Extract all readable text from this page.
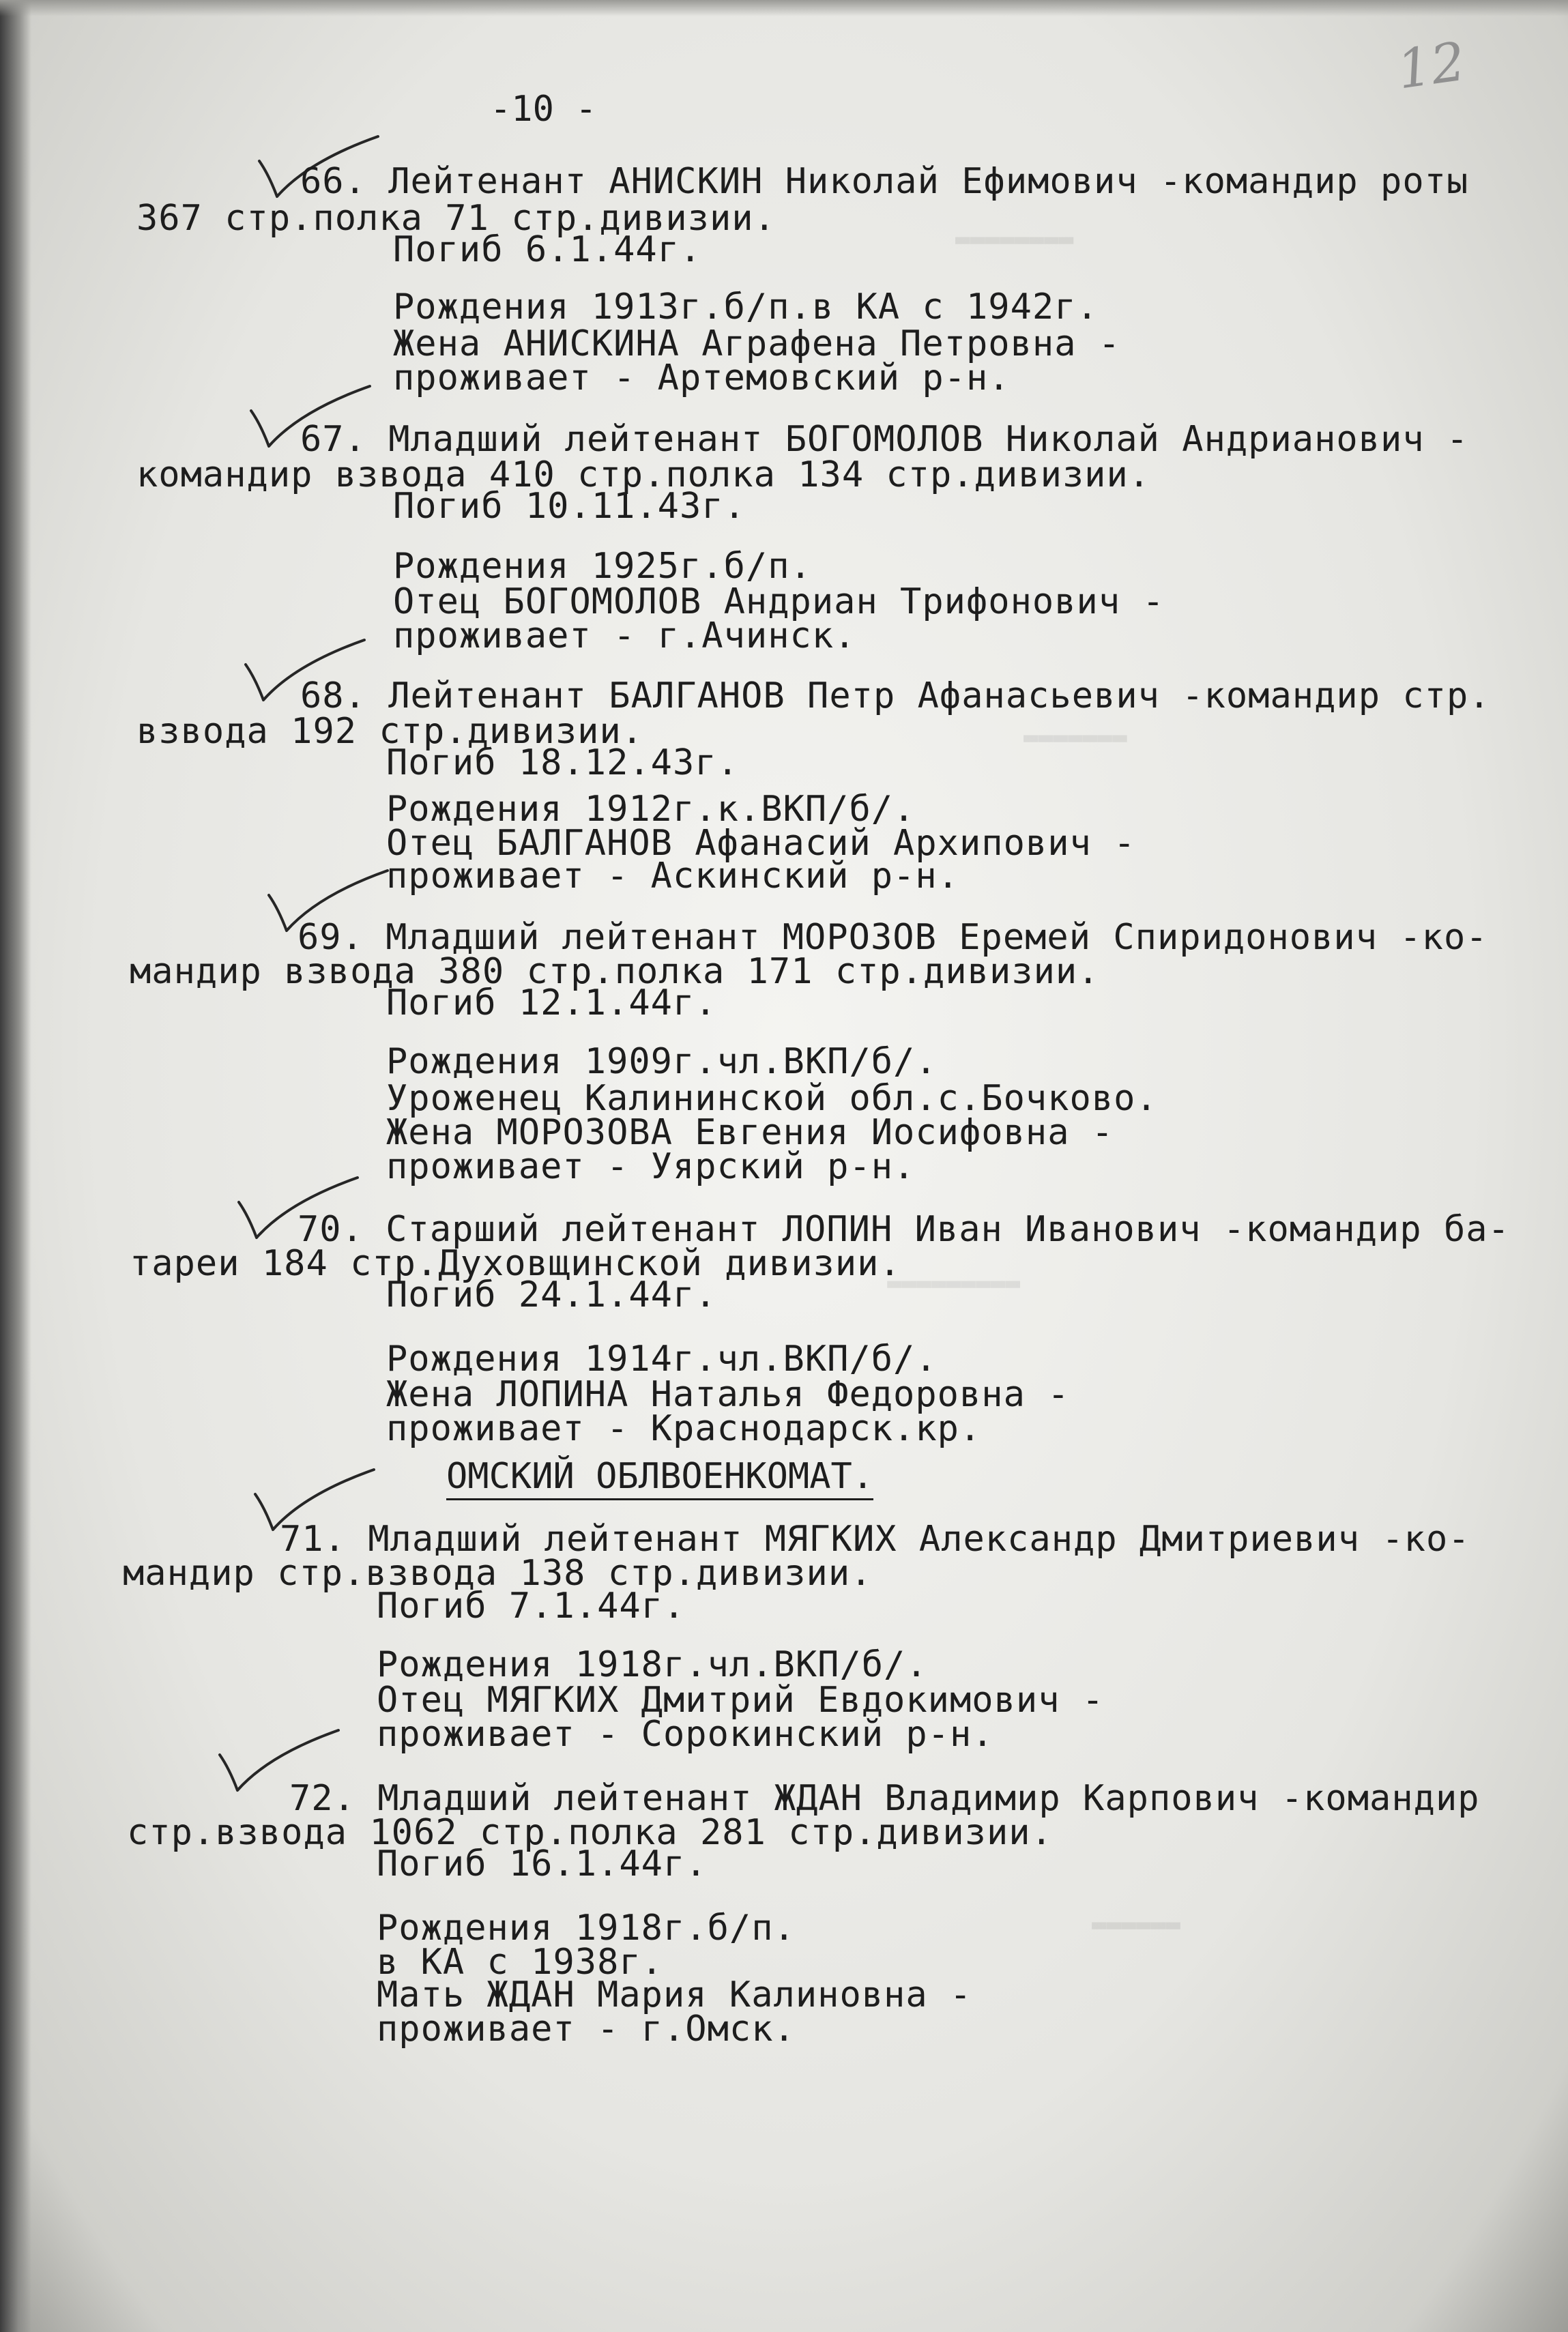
▬▬▬▬▬▬▬▬
▬▬▬▬▬▬▬
▬▬▬▬▬▬▬▬▬
▬▬▬▬▬▬
12
-10 -
66. Лейтенант АНИСКИН Николай Ефимович -командир роты
367 стр.полка 71 стр.дивизии.
Погиб 6.1.44г.
Рождения 1913г.б/п.в КА с 1942г.
Жена АНИСКИНА Аграфена Петровна -
проживает - Артемовский р-н.
67. Младший лейтенант БОГОМОЛОВ Николай Андрианович -
командир взвода 410 стр.полка 134 стр.дивизии.
Погиб 10.11.43г.
Рождения 1925г.б/п.
Отец БОГОМОЛОВ Андриан Трифонович -
проживает - г.Ачинск.
68. Лейтенант БАЛГАНОВ Петр Афанасьевич -командир стр.
взвода 192 стр.дивизии.
Погиб 18.12.43г.
Рождения 1912г.к.ВКП/б/.
Отец БАЛГАНОВ Афанасий Архипович -
проживает - Аскинский р-н.
69. Младший лейтенант МОРОЗОВ Еремей Спиридонович -ко-
мандир взвода 380 стр.полка 171 стр.дивизии.
Погиб 12.1.44г.
Рождения 1909г.чл.ВКП/б/.
Уроженец Калининской обл.с.Бочково.
Жена МОРОЗОВА Евгения Иосифовна -
проживает - Уярский р-н.
70. Старший лейтенант ЛОПИН Иван Иванович -командир ба-
тареи 184 стр.Духовщинской дивизии.
Погиб 24.1.44г.
Рождения 1914г.чл.ВКП/б/.
Жена ЛОПИНА Наталья Федоровна -
проживает - Краснодарск.кр.
ОМСКИЙ ОБЛВОЕНКОМАТ.
71. Младший лейтенант МЯГКИХ Александр Дмитриевич -ко-
мандир стр.взвода 138 стр.дивизии.
Погиб 7.1.44г.
Рождения 1918г.чл.ВКП/б/.
Отец МЯГКИХ Дмитрий Евдокимович -
проживает - Сорокинский р-н.
72. Младший лейтенант ЖДАН Владимир Карпович -командир
стр.взвода 1062 стр.полка 281 стр.дивизии.
Погиб 16.1.44г.
Рождения 1918г.б/п.
в КА с 1938г.
Мать ЖДАН Мария Калиновна -
проживает - г.Омск.
